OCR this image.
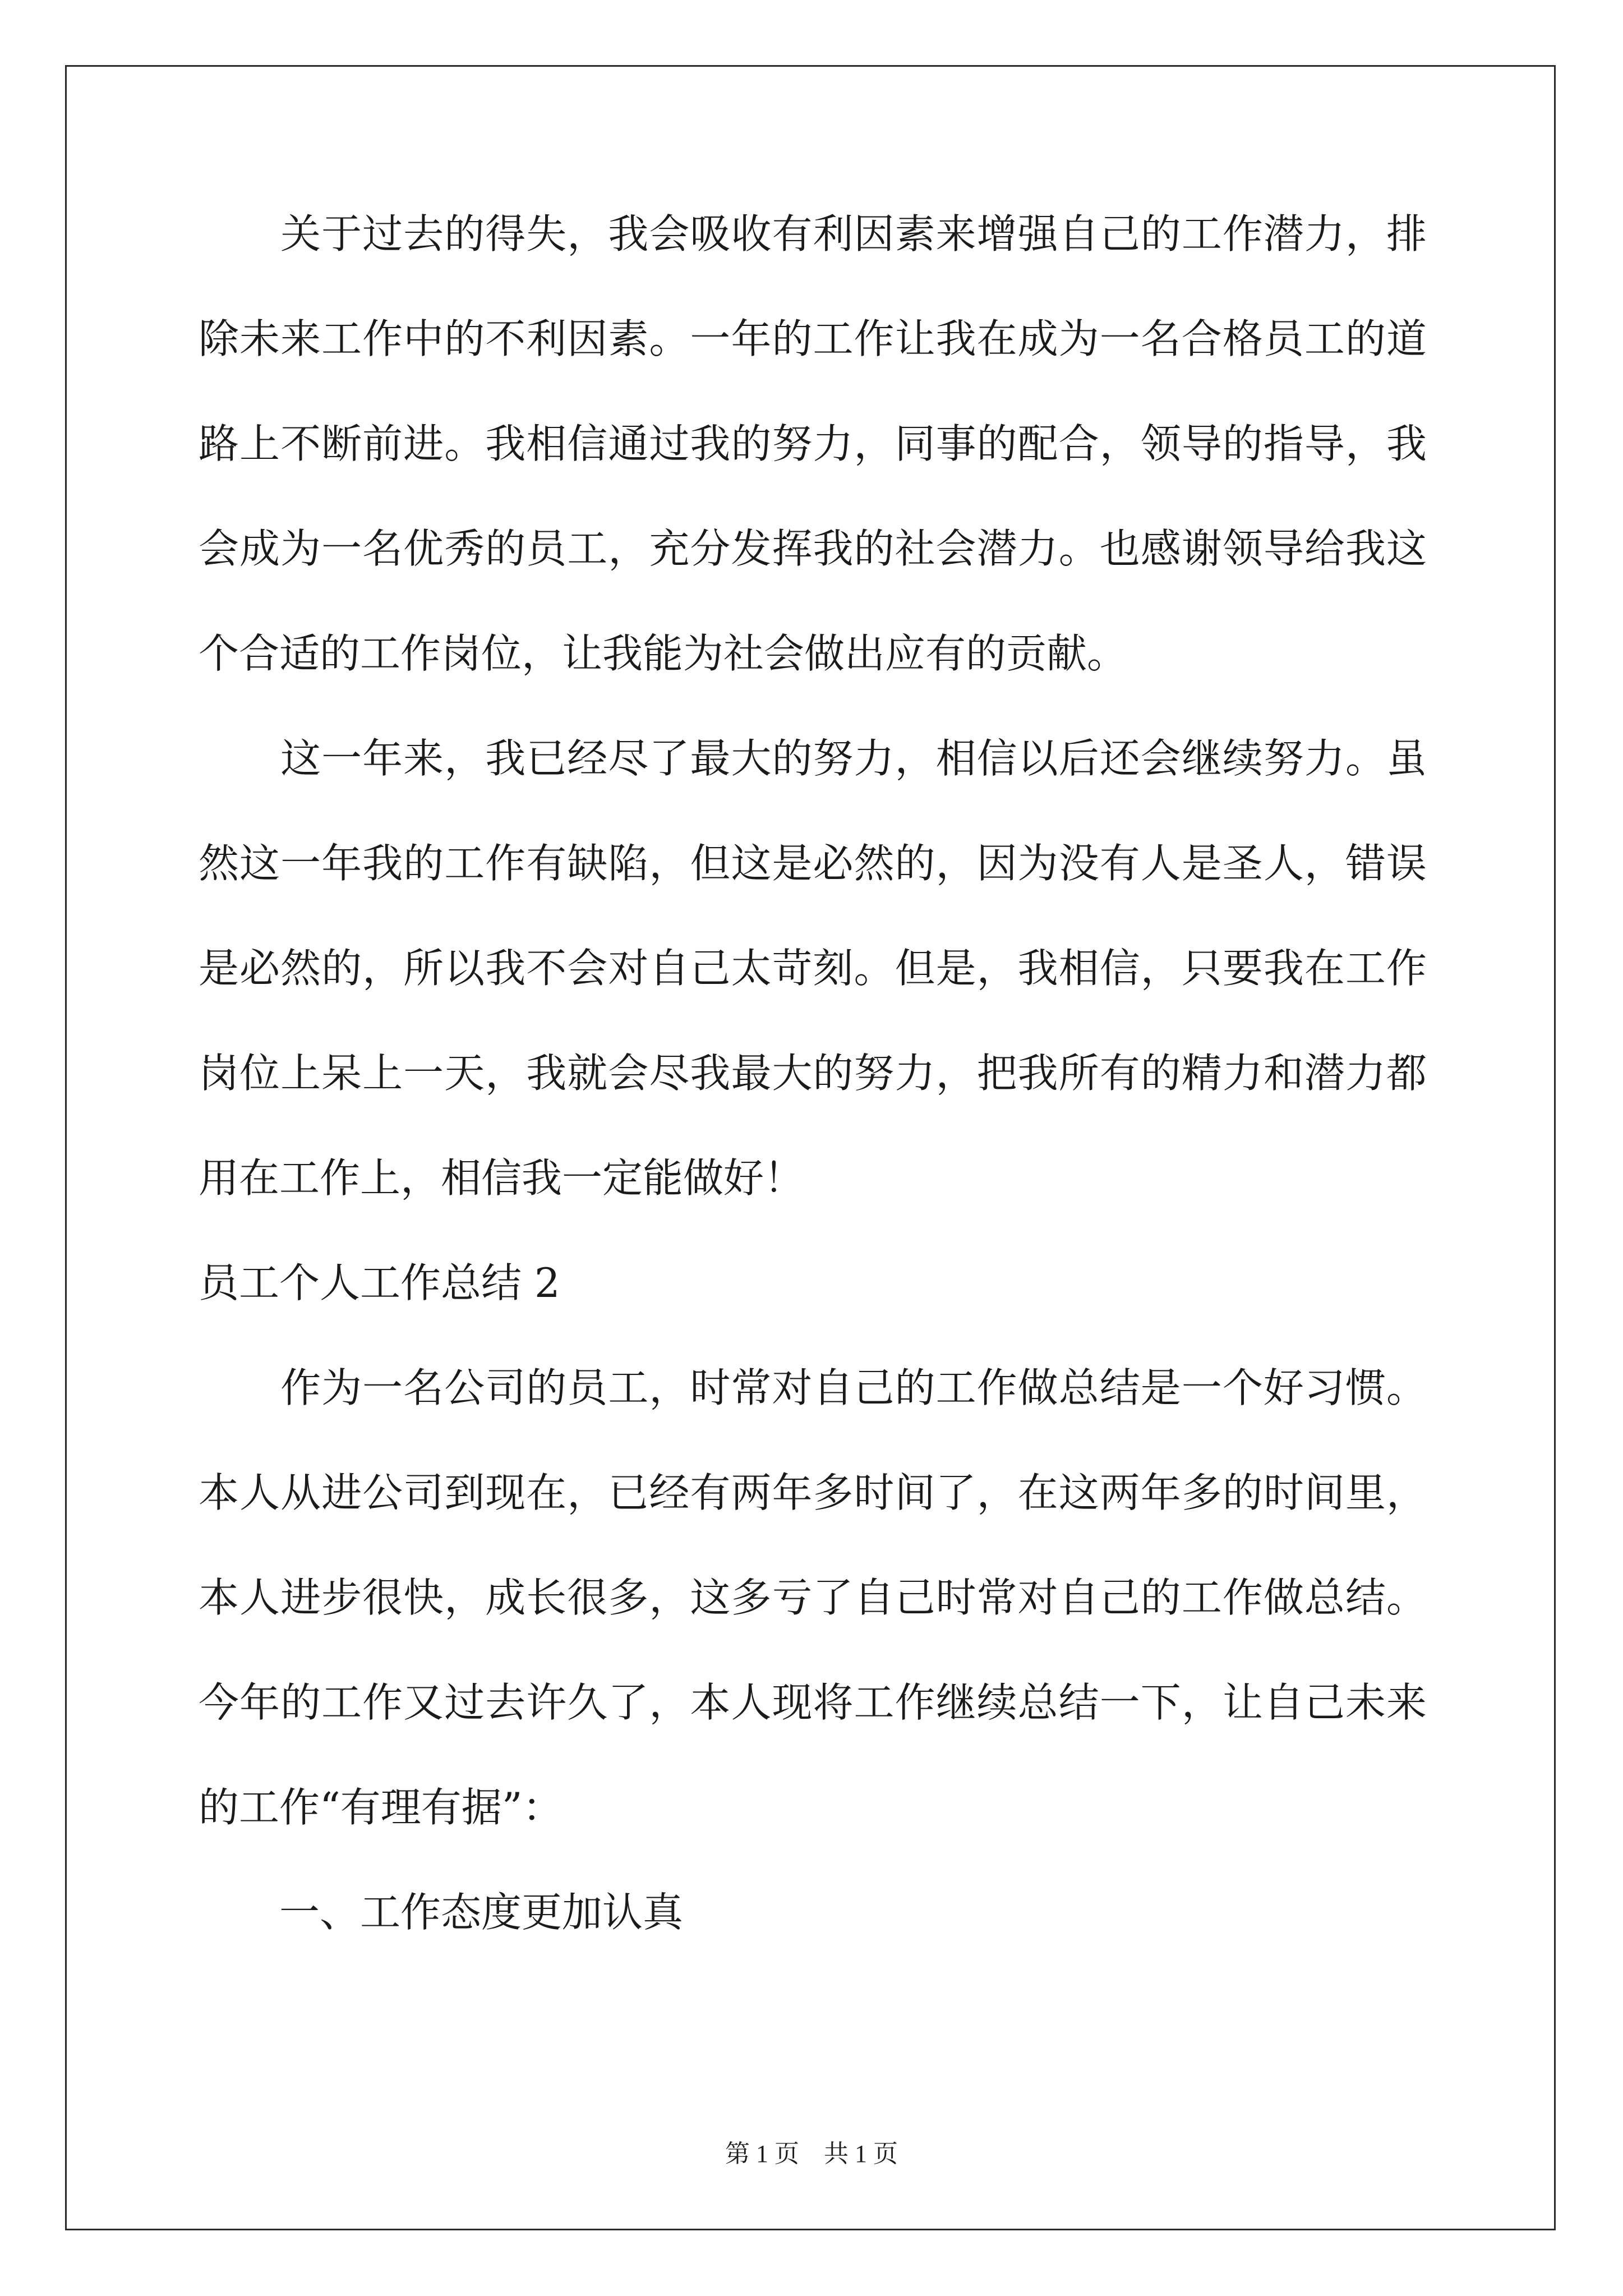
　　关于过去的得失，我会吸收有利因素来增强自己的工作潜力，排
除未来工作中的不利因素。一年的工作让我在成为一名合格员工的道
路上不断前进。我相信通过我的努力，同事的配合，领导的指导，我
会成为一名优秀的员工，充分发挥我的社会潜力。也感谢领导给我这
个合适的工作岗位，让我能为社会做出应有的贡献。
　　这一年来，我已经尽了最大的努力，相信以后还会继续努力。虽
然这一年我的工作有缺陷，但这是必然的，因为没有人是圣人，错误
是必然的，所以我不会对自己太苛刻。但是，我相信，只要我在工作
岗位上呆上一天，我就会尽我最大的努力，把我所有的精力和潜力都
用在工作上，相信我一定能做好！
员工个人工作总结 2
　　作为一名公司的员工，时常对自己的工作做总结是一个好习惯。
本人从进公司到现在，已经有两年多时间了，在这两年多的时间里，
本人进步很快，成长很多，这多亏了自己时常对自己的工作做总结。
今年的工作又过去许久了，本人现将工作继续总结一下，让自己未来
的工作“有理有据”：
　　一、工作态度更加认真
第 1 页　共 1 页
